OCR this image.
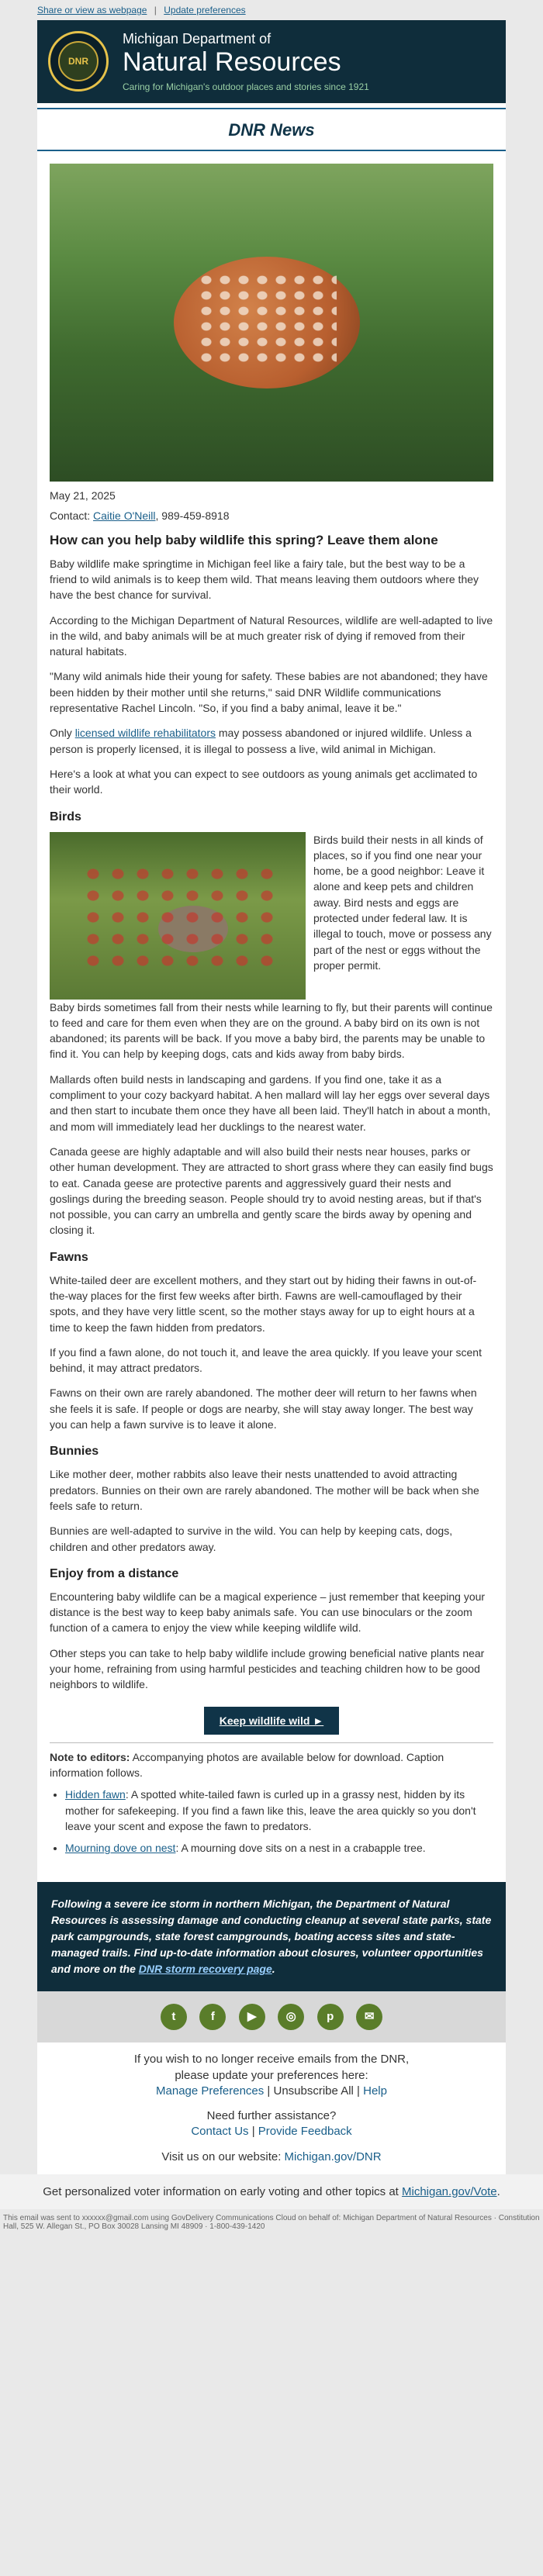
Share or view as webpage | Update preferences
DNR
Michigan Department of
Natural Resources
Caring for Michigan's outdoor places and stories since 1921
DNR News
May 21, 2025
Contact: Caitie O'Neill, 989-459-8918
How can you help baby wildlife this spring? Leave them alone

Baby wildlife make springtime in Michigan feel like a fairy tale, but the best way to be a friend to wild animals is to keep them wild. That means leaving them outdoors where they have the best chance for survival.

According to the Michigan Department of Natural Resources, wildlife are well-adapted to live in the wild, and baby animals will be at much greater risk of dying if removed from their natural habitats.

"Many wild animals hide their young for safety. These babies are not abandoned; they have been hidden by their mother until she returns," said DNR Wildlife communications representative Rachel Lincoln. "So, if you find a baby animal, leave it be."

Only licensed wildlife rehabilitators may possess abandoned or injured wildlife. Unless a person is properly licensed, it is illegal to possess a live, wild animal in Michigan.

Here's a look at what you can expect to see outdoors as young animals get acclimated to their world.

Birds

Birds build their nests in all kinds of places, so if you find one near your home, be a good neighbor: Leave it alone and keep pets and children away. Bird nests and eggs are protected under federal law. It is illegal to touch, move or possess any part of the nest or eggs without the proper permit.

Baby birds sometimes fall from their nests while learning to fly, but their parents will continue to feed and care for them even when they are on the ground. A baby bird on its own is not abandoned; its parents will be back. If you move a baby bird, the parents may be unable to find it. You can help by keeping dogs, cats and kids away from baby birds.

Mallards often build nests in landscaping and gardens. If you find one, take it as a compliment to your cozy backyard habitat. A hen mallard will lay her eggs over several days and then start to incubate them once they have all been laid. They'll hatch in about a month, and mom will immediately lead her ducklings to the nearest water.

Canada geese are highly adaptable and will also build their nests near houses, parks or other human development. They are attracted to short grass where they can easily find bugs to eat. Canada geese are protective parents and aggressively guard their nests and goslings during the breeding season. People should try to avoid nesting areas, but if that's not possible, you can carry an umbrella and gently scare the birds away by opening and closing it.

Fawns

White-tailed deer are excellent mothers, and they start out by hiding their fawns in out-of-the-way places for the first few weeks after birth. Fawns are well-camouflaged by their spots, and they have very little scent, so the mother stays away for up to eight hours at a time to keep the fawn hidden from predators.

If you find a fawn alone, do not touch it, and leave the area quickly. If you leave your scent behind, it may attract predators.

Fawns on their own are rarely abandoned. The mother deer will return to her fawns when she feels it is safe. If people or dogs are nearby, she will stay away longer. The best way you can help a fawn survive is to leave it alone.

Bunnies

Like mother deer, mother rabbits also leave their nests unattended to avoid attracting predators. Bunnies on their own are rarely abandoned. The mother will be back when she feels safe to return.

Bunnies are well-adapted to survive in the wild. You can help by keeping cats, dogs, children and other predators away.

Enjoy from a distance

Encountering baby wildlife can be a magical experience – just remember that keeping your distance is the best way to keep baby animals safe. You can use binoculars or the zoom function of a camera to enjoy the view while keeping wildlife wild.

Other steps you can take to help baby wildlife include growing beneficial native plants near your home, refraining from using harmful pesticides and teaching children how to be good neighbors to wildlife.

Keep wildlife wild ►

Note to editors: Accompanying photos are available below for download. Caption information follows.

• Hidden fawn: A spotted white-tailed fawn is curled up in a grassy nest, hidden by its mother for safekeeping. If you find a fawn like this, leave the area quickly so you don't leave your scent and expose the fawn to predators.
• Mourning dove on nest: A mourning dove sits on a nest in a crabapple tree.
Following a severe ice storm in northern Michigan, the Department of Natural Resources is assessing damage and conducting cleanup at several state parks, state park campgrounds, state forest campgrounds, boating access sites and state-managed trails. Find up-to-date information about closures, volunteer opportunities and more on the DNR storm recovery page.
t	f	▶	◎	p	✉
If you wish to no longer receive emails from the DNR,
please update your preferences here:
Manage Preferences | Unsubscribe All | Help
Need further assistance?
Contact Us | Provide Feedback
Visit us on our website: Michigan.gov/DNR
Get personalized voter information on early voting and other topics at Michigan.gov/Vote.
This email was sent to xxxxxx@gmail.com using GovDelivery Communications Cloud on behalf of: Michigan Department of Natural Resources · Constitution Hall, 525 W. Allegan St., PO Box 30028 Lansing MI 48909 · 1-800-439-1420
